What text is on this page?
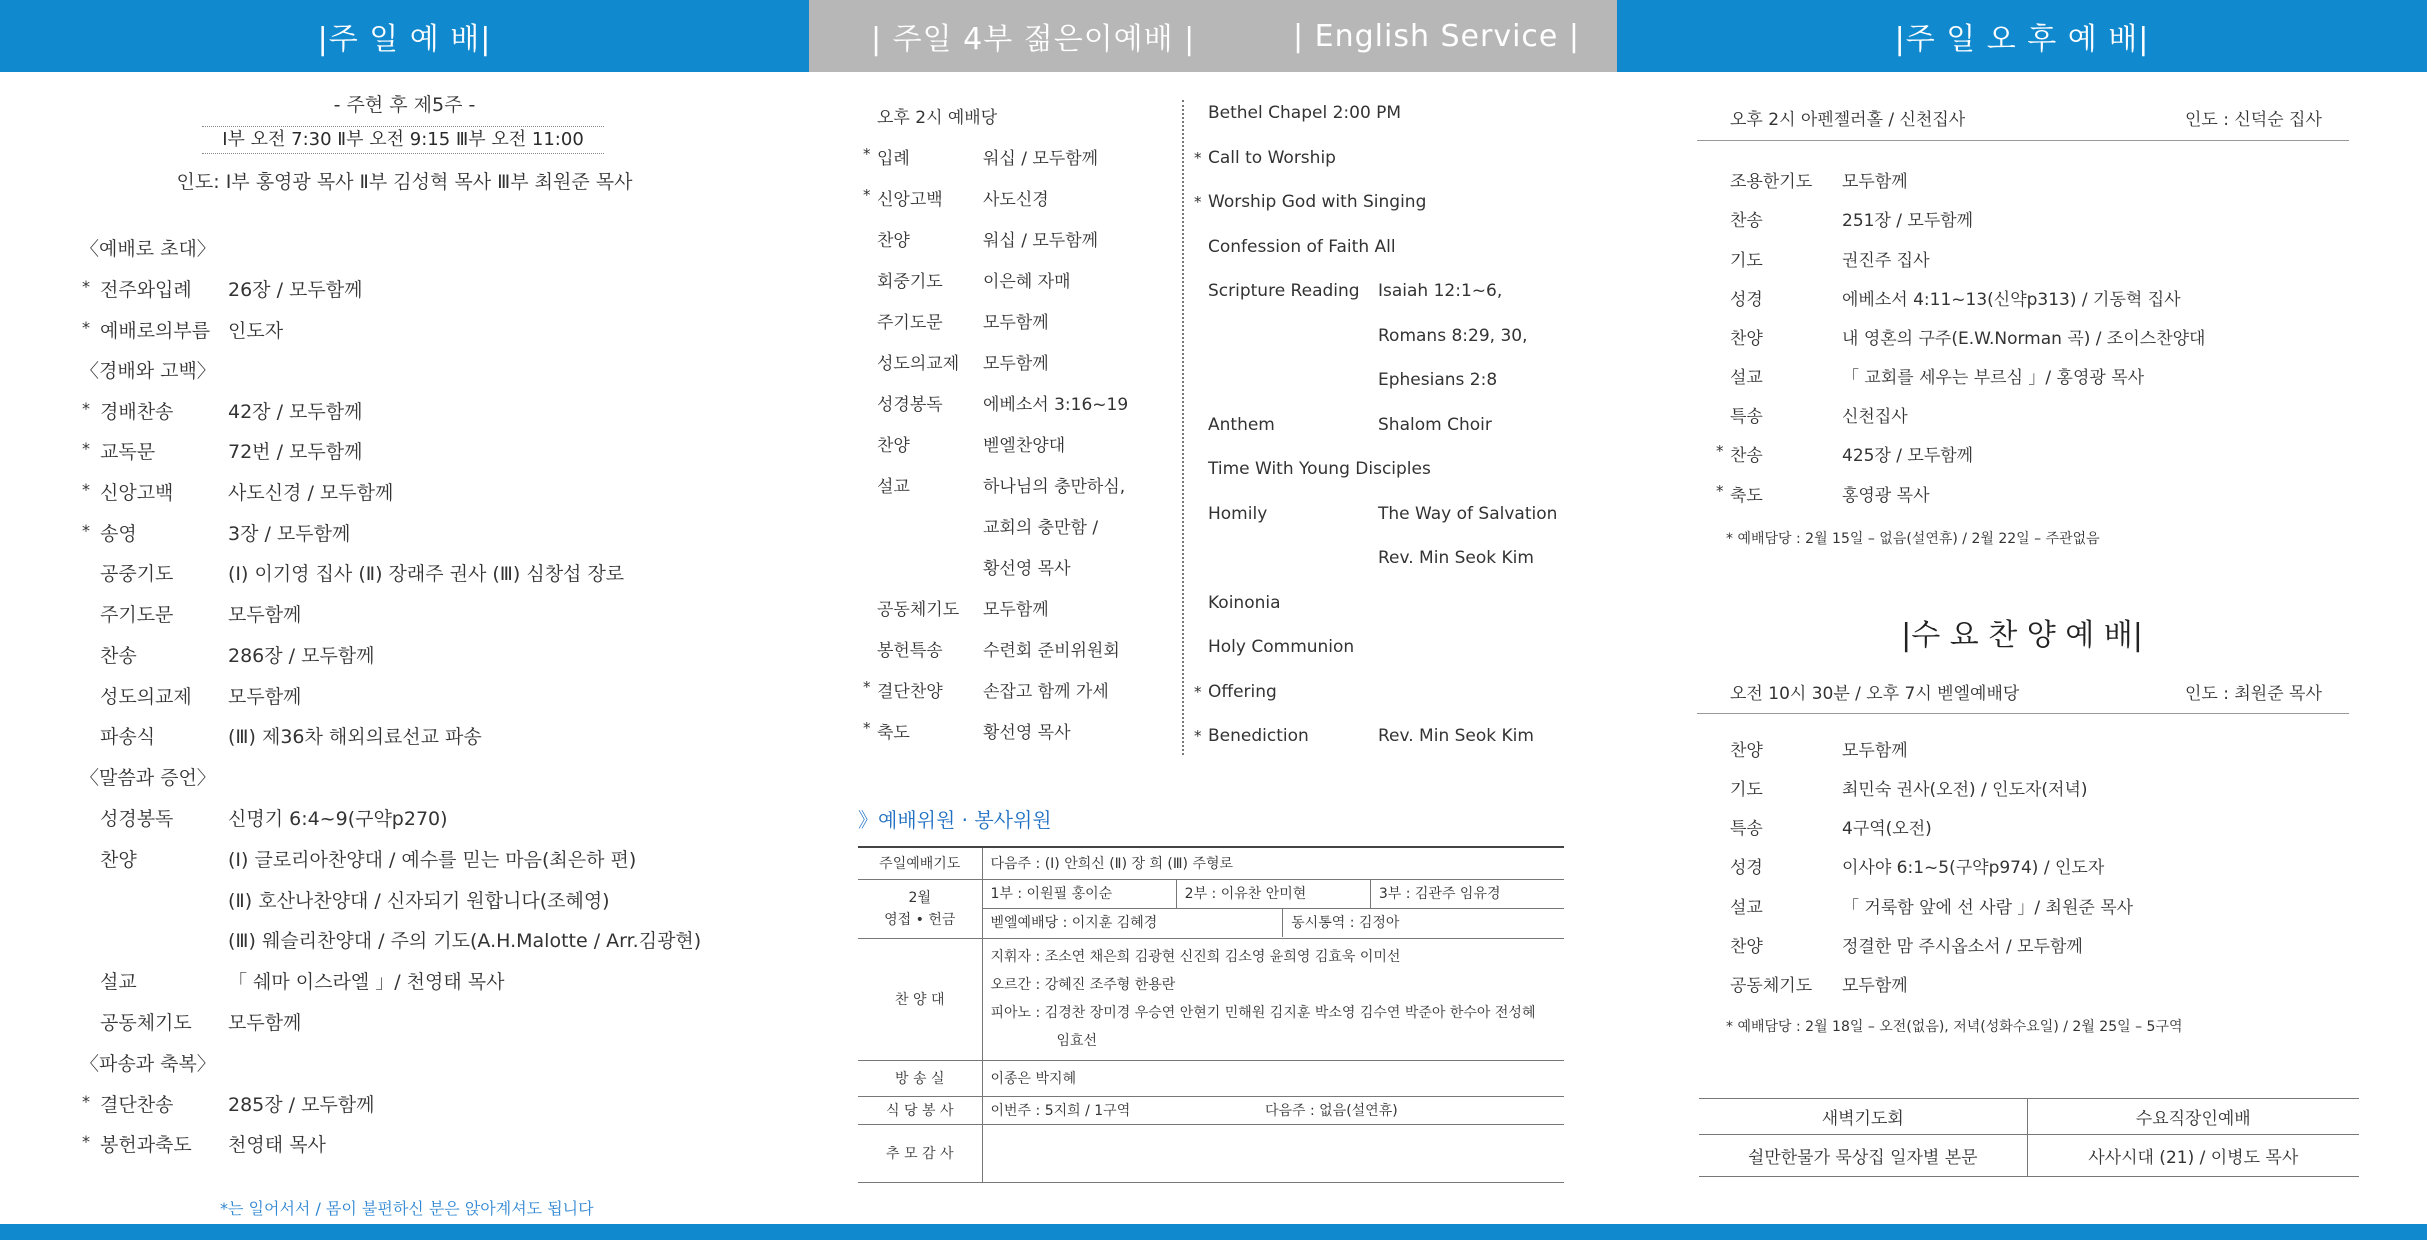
|주 일 예 배|
- 주현 후 제5주 -
Ⅰ부 오전 7:30 Ⅱ부 오전 9:15 Ⅲ부 오전 11:00
인도: Ⅰ부 홍영광 목사 Ⅱ부 김성혁 목사 Ⅲ부 최원준 목사
〈예배로 초대〉
〈경배와 고백〉
〈말씀과 증언〉
〈파송과 축복〉
* 전주와입례	26장 / 모두함께
* 예배로의부름 인도자
* 경배찬송	42장 / 모두함께
* 교독문	72번 / 모두함께
* 신앙고백	사도신경 / 모두함께
* 송영	3장 / 모두함께
공중기도	(Ⅰ) 이기영 집사 (Ⅱ) 장래주 권사 (Ⅲ) 심창섭 장로
주기도문	모두함께
찬송	286장 / 모두함께
성도의교제	모두함께
파송식	(Ⅲ) 제36차 해외의료선교 파송
성경봉독	신명기 6:4~9(구약p270)
찬양	(Ⅰ) 글로리아찬양대 / 예수를 믿는 마음(최은하 편)
(Ⅱ) 호산나찬양대 / 신자되기 원합니다(조혜영)
(Ⅲ) 웨슬리찬양대 / 주의 기도(A.H.Malotte / Arr.김광현)
설교	「 쉐마 이스라엘 」/ 천영태 목사
공동체기도	모두함께
* 결단찬송	285장 / 모두함께
* 봉헌과축도	천영태 목사
*는 일어서서 / 몸이 불편하신 분은 앉아계셔도 됩니다
| 주일 4부 젊은이예배 |	| English Service |
오후 2시 예배당
* 입례	워십 / 모두함께
* 신앙고백	사도신경
찬양	워십 / 모두함께
회중기도	이은혜 자매
주기도문	모두함께
성도의교제	모두함께
성경봉독	에베소서 3:16~19
찬양	벧엘찬양대
설교	하나님의 충만하심,
교회의 충만함 /
황선영 목사
공동체기도	모두함께
봉헌특송	수련회 준비위원회
* 결단찬양	손잡고 함께 가세
* 축도	황선영 목사
Bethel Chapel 2:00 PM
* Call to Worship
* Worship God with Singing
Confession of Faith All
Scripture Reading Isaiah 12:1~6,
Romans 8:29, 30,
Ephesians 2:8
Anthem	Shalom Choir
Time With Young Disciples
Homily	The Way of Salvation
Rev. Min Seok Kim
Koinonia
Holy Communion
* Offering
* Benediction	Rev. Min Seok Kim
》예배위원 · 봉사위원
주일예배기도	다음주 : (Ⅰ) 안희신 (Ⅱ) 장 희 (Ⅲ) 주형로
2월
영접 • 헌금	1부 : 이원필 홍이순 2부 : 이유찬 안미현 3부 : 김관주 임유경

	벧엘예배당 : 이지훈 김혜경 동시통역 : 김정아

찬 양 대	지휘자 : 조소연 채은희 김광현 신진희 김소영 윤희영 김효욱 이미선
오르간 : 강혜진 조주형 한용란
피아노 : 김경찬 장미경 우승연 안현기 민해원 김지훈 박소영 김수연 박준아 한수아 전성혜
임효선

방 송 실	이종은 박지혜
식 당 봉 사	이번주 : 5지희 / 1구역 다음주 : 없음(설연휴)
추 모 감 사	
|주 일 오 후 예 배|
오후 2시 아펜젤러홀 / 신천집사	인도 : 신덕순 집사
조용한기도 모두함께
찬송	251장 / 모두함께
기도	권진주 집사
성경	에베소서 4:11~13(신약p313) / 기동혁 집사
찬양	내 영혼의 구주(E.W.Norman 곡) / 조이스찬양대
설교	「 교회를 세우는 부르심 」/ 홍영광 목사
특송	신천집사
* 찬송	425장 / 모두함께
* 축도	홍영광 목사
* 예배담당 : 2월 15일 – 없음(설연휴) / 2월 22일 – 주관없음
|수 요 찬 양 예 배|
오전 10시 30분 / 오후 7시 벧엘예배당	인도 : 최원준 목사
찬양	모두함께
기도	최민숙 권사(오전) / 인도자(저녁)
특송	4구역(오전)
성경	이사야 6:1~5(구약p974) / 인도자
설교	「 거룩함 앞에 선 사람 」/ 최원준 목사
찬양	정결한 맘 주시옵소서 / 모두함께
공동체기도 모두함께
* 예배담당 : 2월 18일 – 오전(없음), 저녁(성화수요일) / 2월 25일 – 5구역
새벽기도회	수요직장인예배
쉴만한물가 묵상집 일자별 본문	사사시대 (21) / 이병도 목사
